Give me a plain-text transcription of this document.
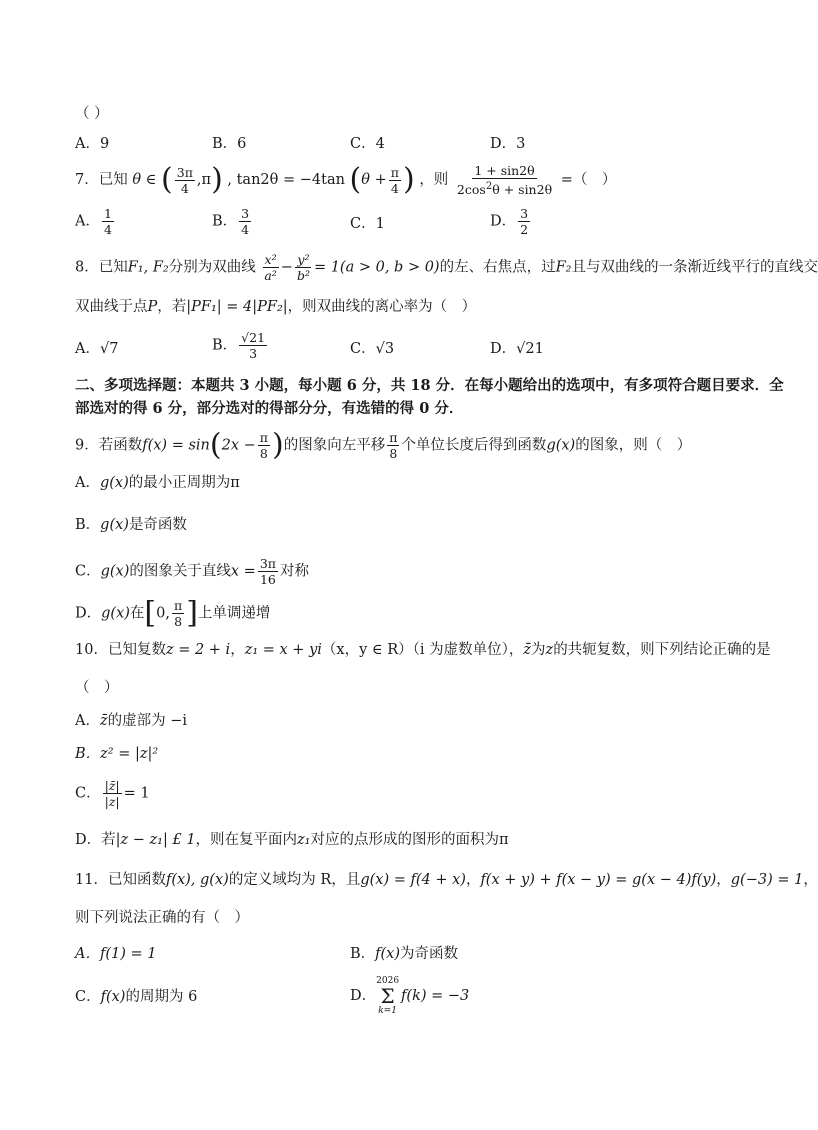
（ ）
A．9	B．6	C．4	D．3
7．已知 θ ∈ ( $\frac{3\pi}{4} ,\pi$) , tan2θ = −4tan ($\theta + \frac{\pi}{4}$ ) ，则 $\frac{1 + \sin 2\theta}{2\cos^2\theta + \sin 2\theta}$ =（　）
A． $\frac{1}{4}$	B． $\frac{3}{4}$	C．1	D． $\frac{3}{2}$
8．已知F₁, F₂分别为双曲线 $\frac{\text{x²}}{\text{a²}} - \frac{\text{y²}}{\text{b²}} = 1(a > 0$, b > 0)的左、右焦点，过F₂且与双曲线的一条渐近线平行的直线交
双曲线于点P，若|PF₁| = 4|PF₂|，则双曲线的离心率为（　）
A．√7	B． $\frac{√21}{3}$	C．√3	D．√21
二、多项选择题：本题共 3 小题，每小题 6 分，共 18 分．在每小题给出的选项中，有多项符合题目要求．全
部选对的得 6 分，部分选对的得部分分，有选错的得 0 分．
9．若函数$f(x) = \sin(2x - \frac{\pi}{8}$ )的图象向左平移 $\frac{\pi}{8}$ 个单位长度后得到函数g(x)的图象，则（　）
A．g(x)的最小正周期为π
B．g(x)是奇函数
C．g(x)的图象关于直线$x = \frac{3\pi}{16}$ 对称
D．g(x)在[0, $\frac{\pi}{8}$ ]上单调递增
10．已知复数z = 2 + i，z₁ = x + yi（x，y ∈ R）（i 为虚数单位），z̄为z的共轭复数，则下列结论正确的是
（　）
A．z̄的虚部为 −i
B．z² = |z|²
C． $\frac{|z̄|}{|z|} = 1$
D．若|z − z₁| £ 1，则在复平面内z₁对应的点形成的图形的面积为π
11．已知函数f(x), g(x)的定义域均为 R，且g(x) = f(4 + x)，f(x + y) + f(x − y) = g(x − 4)f(y)，g(−3) = 1，
则下列说法正确的有（　）
A．f(1) = 1	B．f(x)为奇函数
C．f(x)的周期为 6	D．
2026
Σ
k=1
f(k) = −3
